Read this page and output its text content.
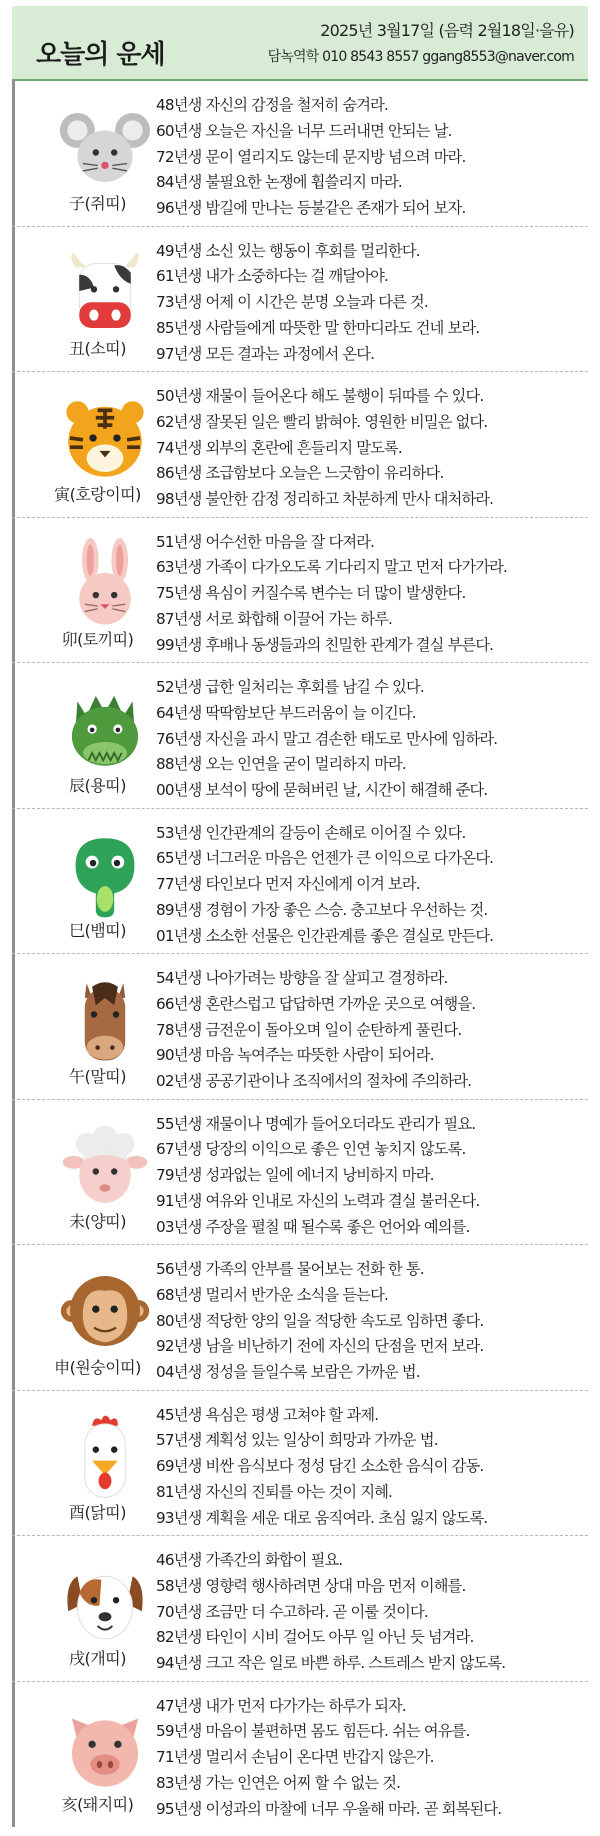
오늘의 운세
2025년 3월17일 (음력 2월18일·을유)
담녹역학 010 8543 8557 ggang8553@naver.com
子(쥐띠)
48년생 자신의 감정을 철저히 숨겨라.
60년생 오늘은 자신을 너무 드러내면 안되는 날.
72년생 문이 열리지도 않는데 문지방 넘으려 마라.
84년생 불필요한 논쟁에 휩쓸리지 마라.
96년생 밤길에 만나는 등불같은 존재가 되어 보자.
丑(소띠)
49년생 소신 있는 행동이 후회를 멀리한다.
61년생 내가 소중하다는 걸 깨달아야.
73년생 어제 이 시간은 분명 오늘과 다른 것.
85년생 사람들에게 따뜻한 말 한마디라도 건네 보라.
97년생 모든 결과는 과정에서 온다.
寅(호랑이띠)
50년생 재물이 들어온다 해도 불행이 뒤따를 수 있다.
62년생 잘못된 일은 빨리 밝혀야. 영원한 비밀은 없다.
74년생 외부의 혼란에 흔들리지 말도록.
86년생 조급함보다 오늘은 느긋함이 유리하다.
98년생 불안한 감정 정리하고 차분하게 만사 대처하라.
卯(토끼띠)
51년생 어수선한 마음을 잘 다져라.
63년생 가족이 다가오도록 기다리지 말고 먼저 다가가라.
75년생 욕심이 커질수록 변수는 더 많이 발생한다.
87년생 서로 화합해 이끌어 가는 하루.
99년생 후배나 동생들과의 친밀한 관계가 결실 부른다.
辰(용띠)
52년생 급한 일처리는 후회를 남길 수 있다.
64년생 딱딱함보단 부드러움이 늘 이긴다.
76년생 자신을 과시 말고 겸손한 태도로 만사에 임하라.
88년생 오는 인연을 굳이 멀리하지 마라.
00년생 보석이 땅에 묻혀버린 날, 시간이 해결해 준다.
巳(뱀띠)
53년생 인간관계의 갈등이 손해로 이어질 수 있다.
65년생 너그러운 마음은 언젠가 큰 이익으로 다가온다.
77년생 타인보다 먼저 자신에게 이겨 보라.
89년생 경험이 가장 좋은 스승. 충고보다 우선하는 것.
01년생 소소한 선물은 인간관계를 좋은 결실로 만든다.
午(말띠)
54년생 나아가려는 방향을 잘 살피고 결정하라.
66년생 혼란스럽고 답답하면 가까운 곳으로 여행을.
78년생 금전운이 돌아오며 일이 순탄하게 풀린다.
90년생 마음 녹여주는 따뜻한 사람이 되어라.
02년생 공공기관이나 조직에서의 절차에 주의하라.
未(양띠)
55년생 재물이나 명예가 들어오더라도 관리가 필요.
67년생 당장의 이익으로 좋은 인연 놓치지 않도록.
79년생 성과없는 일에 에너지 낭비하지 마라.
91년생 여유와 인내로 자신의 노력과 결실 불러온다.
03년생 주장을 펼칠 때 될수록 좋은 언어와 예의를.
申(원숭이띠)
56년생 가족의 안부를 물어보는 전화 한 통.
68년생 멀리서 반가운 소식을 듣는다.
80년생 적당한 양의 일을 적당한 속도로 임하면 좋다.
92년생 남을 비난하기 전에 자신의 단점을 먼저 보라.
04년생 정성을 들일수록 보람은 가까운 법.
酉(닭띠)
45년생 욕심은 평생 고쳐야 할 과제.
57년생 계획성 있는 일상이 희망과 가까운 법.
69년생 비싼 음식보다 정성 담긴 소소한 음식이 감동.
81년생 자신의 진퇴를 아는 것이 지혜.
93년생 계획을 세운 대로 움직여라. 초심 잃지 않도록.
戌(개띠)
46년생 가족간의 화합이 필요.
58년생 영향력 행사하려면 상대 마음 먼저 이해를.
70년생 조금만 더 수고하라. 곧 이룰 것이다.
82년생 타인이 시비 걸어도 아무 일 아닌 듯 넘겨라.
94년생 크고 작은 일로 바쁜 하루. 스트레스 받지 않도록.
亥(돼지띠)
47년생 내가 먼저 다가가는 하루가 되자.
59년생 마음이 불편하면 몸도 힘든다. 쉬는 여유를.
71년생 멀리서 손님이 온다면 반갑지 않은가.
83년생 가는 인연은 어찌 할 수 없는 것.
95년생 이성과의 마찰에 너무 우울해 마라. 곧 회복된다.
